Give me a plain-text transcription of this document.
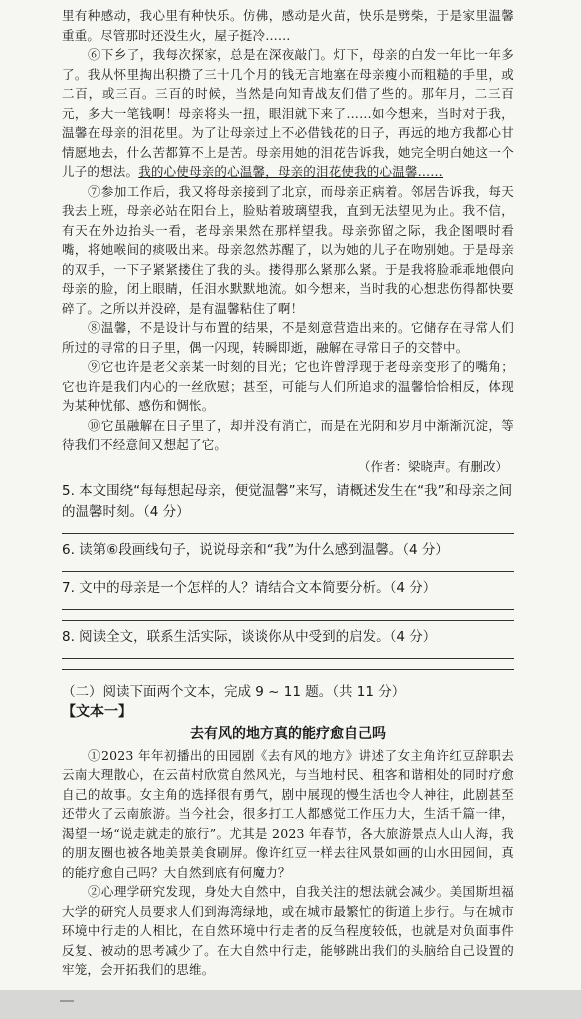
里有种感动，我心里有种快乐。仿佛，感动是火苗，快乐是劈柴，于是家里温馨重重。尽管那时还没生火，屋子挺冷……

⑥下乡了，我每次探家，总是在深夜敲门。灯下，母亲的白发一年比一年多了。我从怀里掏出积攒了三十几个月的钱无言地塞在母亲瘦小而粗糙的手里，或二百，或三百。三百的时候，当然是向知青战友们借了些的。那年月，二三百元，多大一笔钱啊！母亲将头一扭，眼泪就下来了……如今想来，当时对于我，温馨在母亲的泪花里。为了让母亲过上不必借钱花的日子，再远的地方我都心甘情愿地去，什么苦都算不上是苦。母亲用她的泪花告诉我，她完全明白她这一个儿子的想法。我的心使母亲的心温馨，母亲的泪花使我的心温馨……

⑦参加工作后，我又将母亲接到了北京，而母亲正病着。邻居告诉我，每天我去上班，母亲必站在阳台上，脸贴着玻璃望我，直到无法望见为止。我不信，有天在外边抬头一看，老母亲果然在那样望我。母亲弥留之际，我企图喂时看嘴，将她喉间的痰吸出来。母亲忽然苏醒了，以为她的儿子在吻别她。于是母亲的双手，一下子紧紧搂住了我的头。搂得那么紧那么紧。于是我将脸乖乖地偎向母亲的脸，闭上眼睛，任泪水默默地流。如今想来，当时我的心想悲伤得都快要碎了。之所以并没碎，是有温馨粘住了啊！

⑧温馨，不是设计与布置的结果，不是刻意营造出来的。它储存在寻常人们所过的寻常的日子里，偶一闪现，转瞬即逝，融解在寻常日子的交替中。

⑨它也许是老父亲某一时刻的目光；它也许曾浮现于老母亲变形了的嘴角；它也许是我们内心的一丝欣慰；甚至，可能与人们所追求的温馨恰恰相反，体现为某种忧郁、感伤和惆怅。

⑩它虽融解在日子里了，却并没有消亡，而是在光阴和岁月中渐渐沉淀，等待我们不经意间又想起了它。

（作者：梁晓声。有删改）

5. 本文围绕“每每想起母亲，便觉温馨”来写，请概述发生在“我”和母亲之间的温馨时刻。（4 分）

6. 读第⑥段画线句子，说说母亲和“我”为什么感到温馨。（4 分）

7. 文中的母亲是一个怎样的人？请结合文本简要分析。（4 分）

8. 阅读全文，联系生活实际，谈谈你从中受到的启发。（4 分）

（二）阅读下面两个文本，完成 9 ~ 11 题。（共 11 分）

【文本一】

去有风的地方真的能疗愈自己吗

①2023 年年初播出的田园剧《去有风的地方》讲述了女主角许红豆辞职去云南大理散心，在云苗村欣赏自然风光，与当地村民、租客和谐相处的同时疗愈自己的故事。女主角的选择很有勇气，剧中展现的慢生活也令人神往，此剧甚至还带火了云南旅游。当今社会，很多打工人都感觉工作压力大，生活千篇一律，渴望一场“说走就走的旅行”。尤其是 2023 年春节，各大旅游景点人山人海，我的朋友圈也被各地美景美食刷屏。像许红豆一样去往风景如画的山水田园间，真的能疗愈自己吗？大自然到底有何魔力？

②心理学研究发现，身处大自然中，自我关注的想法就会减少。美国斯坦福大学的研究人员要求人们到海湾绿地，或在城市最繁忙的街道上步行。与在城市环境中行走的人相比，在自然环境中行走者的反刍程度较低，也就是对负面事件反复、被动的思考减少了。在大自然中行走，能够跳出我们的头脑给自己设置的牢笼，会开拓我们的思维。
